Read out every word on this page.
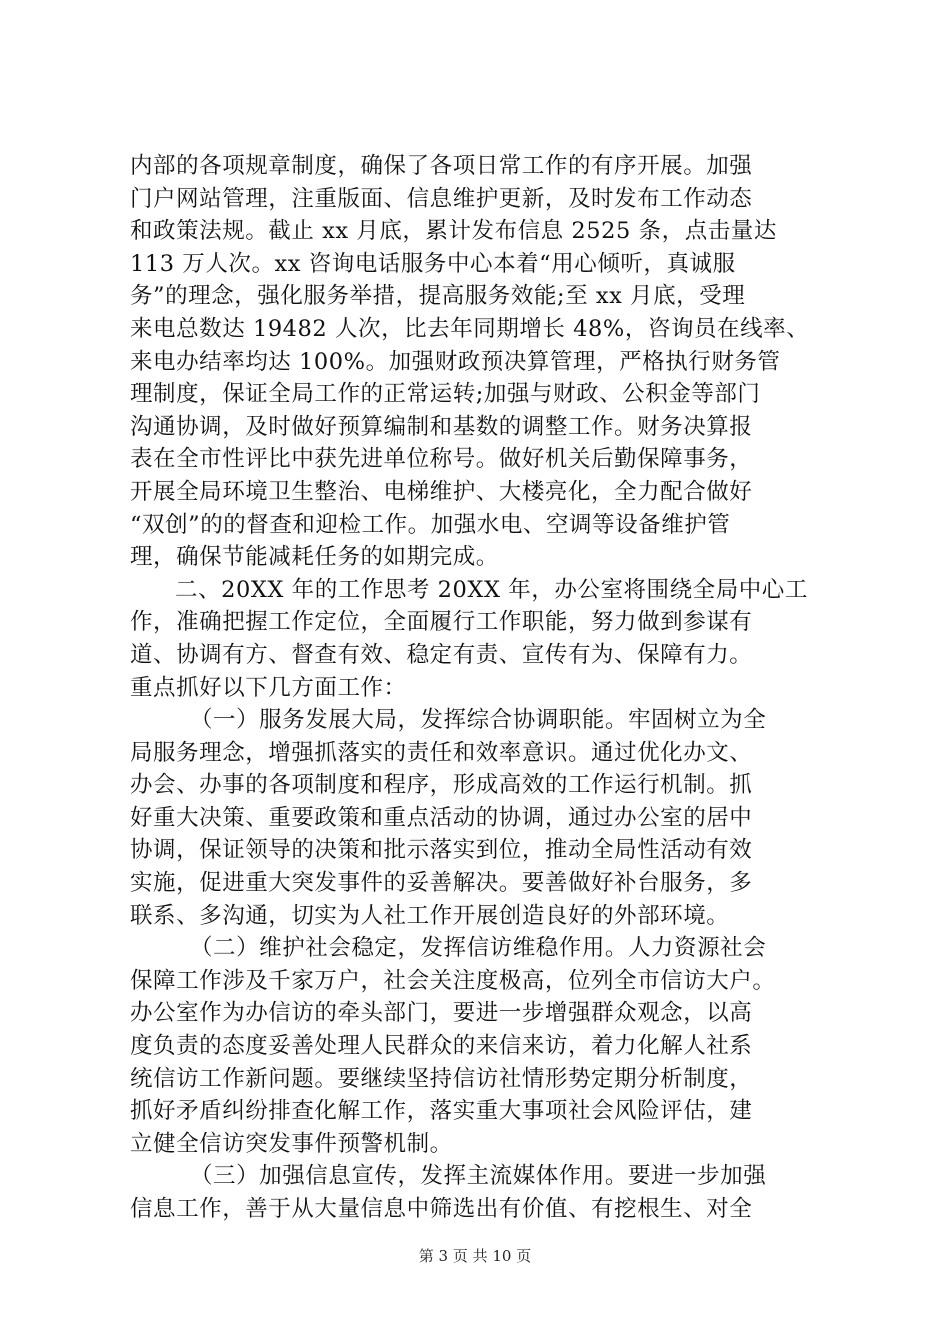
内部的各项规章制度，确保了各项日常工作的有序开展。加强
门户网站管理，注重版面、信息维护更新，及时发布工作动态
和政策法规。截止 xx 月底，累计发布信息 2525 条，点击量达
113 万人次。xx 咨询电话服务中心本着“用心倾听，真诚服
务”的理念，强化服务举措，提高服务效能;至 xx 月底，受理
来电总数达 19482 人次，比去年同期增长 48%，咨询员在线率、
来电办结率均达 100%。加强财政预决算管理，严格执行财务管
理制度，保证全局工作的正常运转;加强与财政、公积金等部门
沟通协调，及时做好预算编制和基数的调整工作。财务决算报
表在全市性评比中获先进单位称号。做好机关后勤保障事务，
开展全局环境卫生整治、电梯维护、大楼亮化，全力配合做好
“双创”的的督查和迎检工作。加强水电、空调等设备维护管
理，确保节能减耗任务的如期完成。
二、20XX 年的工作思考 20XX 年，办公室将围绕全局中心工
作，准确把握工作定位，全面履行工作职能，努力做到参谋有
道、协调有方、督查有效、稳定有责、宣传有为、保障有力。
重点抓好以下几方面工作：
（一）服务发展大局，发挥综合协调职能。牢固树立为全
局服务理念，增强抓落实的责任和效率意识。通过优化办文、
办会、办事的各项制度和程序，形成高效的工作运行机制。抓
好重大决策、重要政策和重点活动的协调，通过办公室的居中
协调，保证领导的决策和批示落实到位，推动全局性活动有效
实施，促进重大突发事件的妥善解决。要善做好补台服务，多
联系、多沟通，切实为人社工作开展创造良好的外部环境。
（二）维护社会稳定，发挥信访维稳作用。人力资源社会
保障工作涉及千家万户，社会关注度极高，位列全市信访大户。
办公室作为办信访的牵头部门，要进一步增强群众观念，以高
度负责的态度妥善处理人民群众的来信来访，着力化解人社系
统信访工作新问题。要继续坚持信访社情形势定期分析制度，
抓好矛盾纠纷排查化解工作，落实重大事项社会风险评估，建
立健全信访突发事件预警机制。
（三）加强信息宣传，发挥主流媒体作用。要进一步加强
信息工作，善于从大量信息中筛选出有价值、有挖根生、对全
第 3 页 共 10 页
